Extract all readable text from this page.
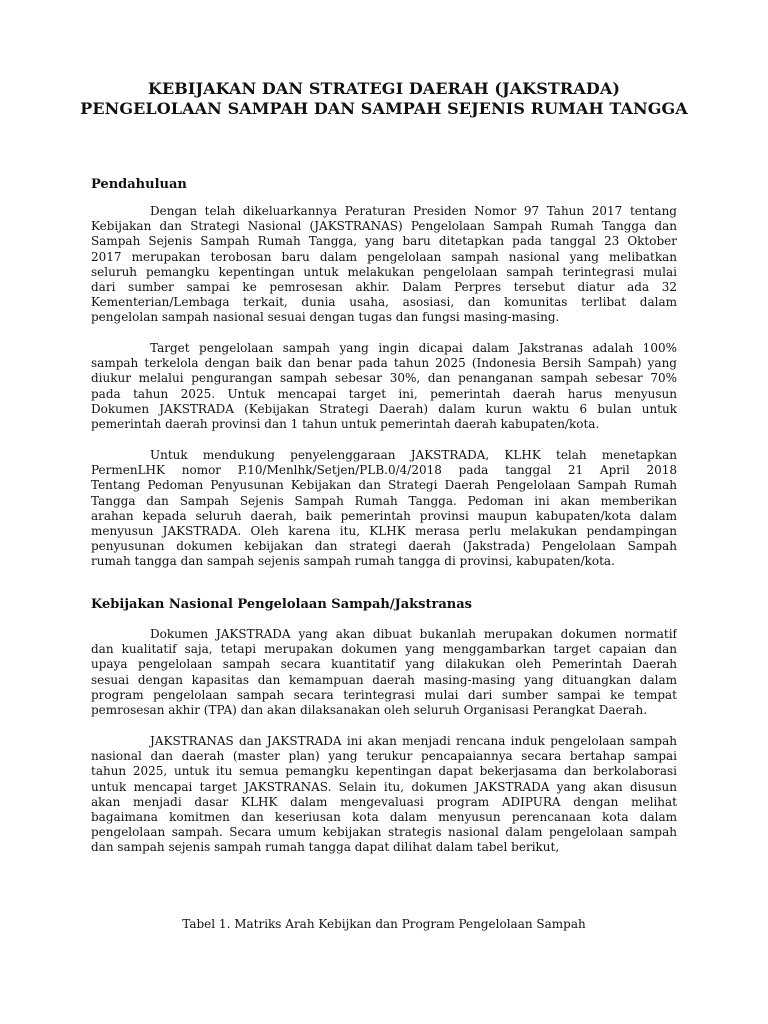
KEBIJAKAN DAN STRATEGI DAERAH (JAKSTRADA)
PENGELOLAAN SAMPAH DAN SAMPAH SEJENIS RUMAH TANGGA
Pendahuluan

Dengan telah dikeluarkannya Peraturan Presiden Nomor 97 Tahun 2017 tentang
Kebijakan dan Strategi Nasional (JAKSTRANAS) Pengelolaan Sampah Rumah Tangga dan
Sampah Sejenis Sampah Rumah Tangga, yang baru ditetapkan pada tanggal 23 Oktober
2017 merupakan terobosan baru dalam pengelolaan sampah nasional yang melibatkan
seluruh pemangku kepentingan untuk melakukan pengelolaan sampah terintegrasi mulai
dari sumber sampai ke pemrosesan akhir. Dalam Perpres tersebut diatur ada 32
Kementerian/Lembaga terkait, dunia usaha, asosiasi, dan komunitas terlibat dalam
pengelolan sampah nasional sesuai dengan tugas dan fungsi masing-masing.

Target pengelolaan sampah yang ingin dicapai dalam Jakstranas adalah 100%
sampah terkelola dengan baik dan benar pada tahun 2025 (Indonesia Bersih Sampah) yang
diukur melalui pengurangan sampah sebesar 30%, dan penanganan sampah sebesar 70%
pada tahun 2025. Untuk mencapai target ini, pemerintah daerah harus menyusun
Dokumen JAKSTRADA (Kebijakan Strategi Daerah) dalam kurun waktu 6 bulan untuk
pemerintah daerah provinsi dan 1 tahun untuk pemerintah daerah kabupaten/kota.

Untuk mendukung penyelenggaraan JAKSTRADA, KLHK telah menetapkan
PermenLHK nomor P.10/Menlhk/Setjen/PLB.0/4/2018 pada tanggal 21 April 2018
Tentang Pedoman Penyusunan Kebijakan dan Strategi Daerah Pengelolaan Sampah Rumah
Tangga dan Sampah Sejenis Sampah Rumah Tangga. Pedoman ini akan memberikan
arahan kepada seluruh daerah, baik pemerintah provinsi maupun kabupaten/kota dalam
menyusun JAKSTRADA. Oleh karena itu, KLHK merasa perlu melakukan pendampingan
penyusunan dokumen kebijakan dan strategi daerah (Jakstrada) Pengelolaan Sampah
rumah tangga dan sampah sejenis sampah rumah tangga di provinsi, kabupaten/kota.

Kebijakan Nasional Pengelolaan Sampah/Jakstranas

Dokumen JAKSTRADA yang akan dibuat bukanlah merupakan dokumen normatif
dan kualitatif saja, tetapi merupakan dokumen yang menggambarkan target capaian dan
upaya pengelolaan sampah secara kuantitatif yang dilakukan oleh Pemerintah Daerah
sesuai dengan kapasitas dan kemampuan daerah masing-masing yang dituangkan dalam
program pengelolaan sampah secara terintegrasi mulai dari sumber sampai ke tempat
pemrosesan akhir (TPA) dan akan dilaksanakan oleh seluruh Organisasi Perangkat Daerah.

JAKSTRANAS dan JAKSTRADA ini akan menjadi rencana induk pengelolaan sampah
nasional dan daerah (master plan) yang terukur pencapaiannya secara bertahap sampai
tahun 2025, untuk itu semua pemangku kepentingan dapat bekerjasama dan berkolaborasi
untuk mencapai target JAKSTRANAS. Selain itu, dokumen JAKSTRADA yang akan disusun
akan menjadi dasar KLHK dalam mengevaluasi program ADIPURA dengan melihat
bagaimana komitmen dan keseriusan kota dalam menyusun perencanaan kota dalam
pengelolaan sampah. Secara umum kebijakan strategis nasional dalam pengelolaan sampah
dan sampah sejenis sampah rumah tangga dapat dilihat dalam tabel berikut,

Tabel 1. Matriks Arah Kebijkan dan Program Pengelolaan Sampah
